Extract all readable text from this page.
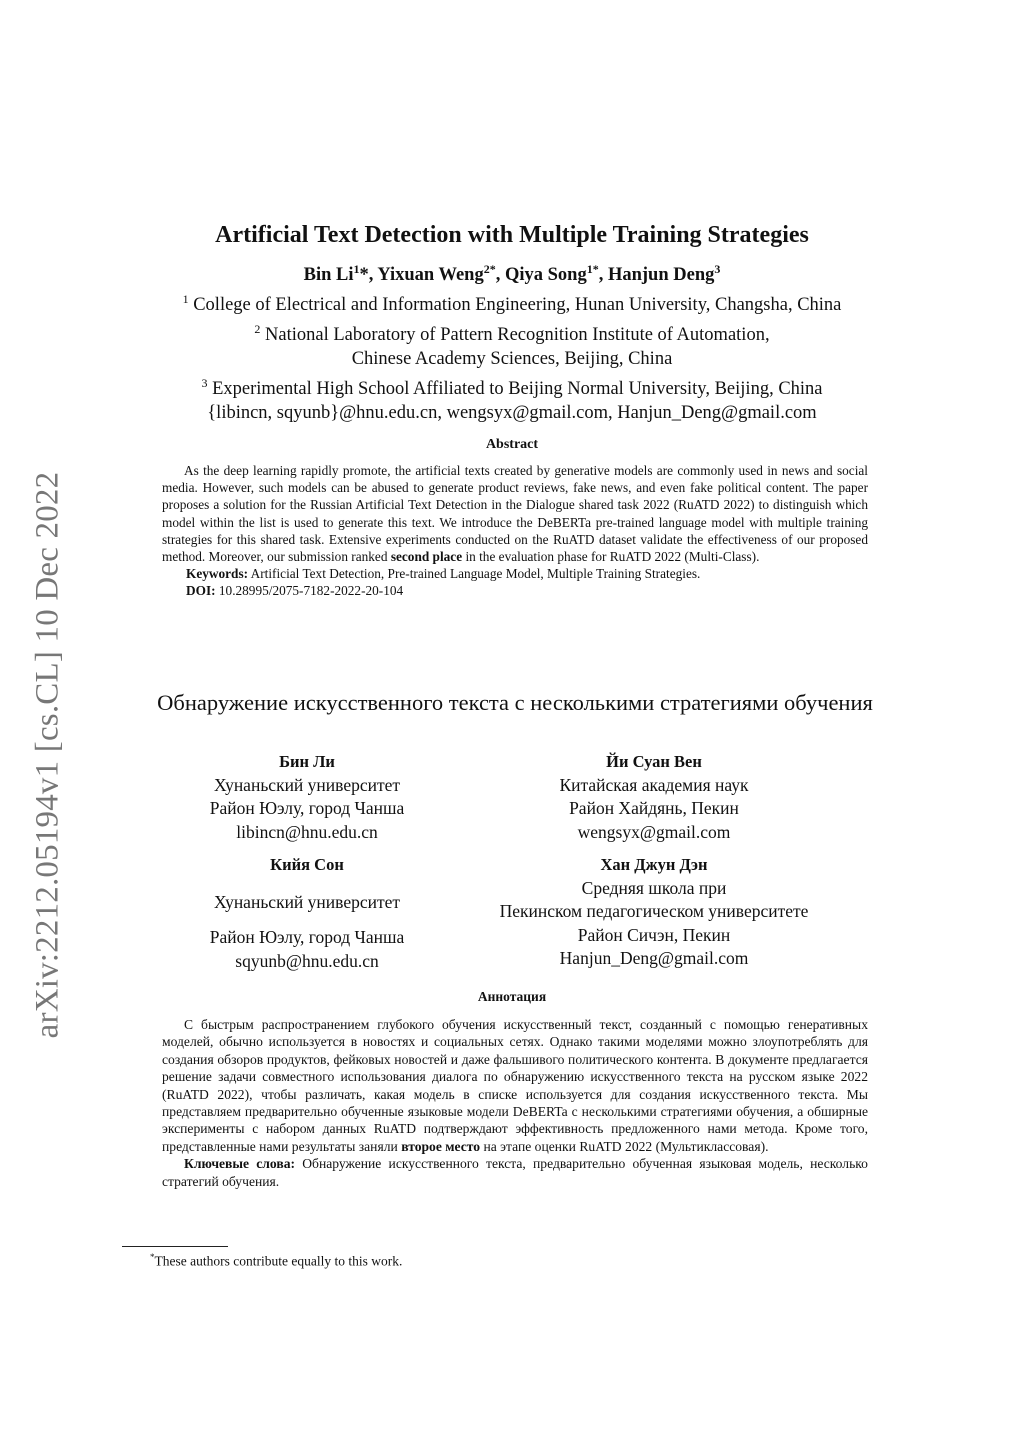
arXiv:2212.05194v1 [cs.CL] 10 Dec 2022
Artificial Text Detection with Multiple Training Strategies
Bin Li$^1$*, Yixuan Weng$^{2*}$, Qiya Song$^{1*}$, Hanjun Deng$^3$
$^1$ College of Electrical and Information Engineering, Hunan University, Changsha, China
$^2$ National Laboratory of Pattern Recognition Institute of Automation,
Chinese Academy Sciences, Beijing, China
$^3$ Experimental High School Affiliated to Beijing Normal University, Beijing, China
{libincn, sqyunb}@hnu.edu.cn, wengsyx@gmail.com, Hanjun_Deng@gmail.com
Abstract

As the deep learning rapidly promote, the artificial texts created by generative models are commonly used in news and social media. However, such models can be abused to generate product reviews, fake news, and even fake political content. The paper proposes a solution for the Russian Artificial Text Detection in the Dialogue shared task 2022 (RuATD 2022) to distinguish which model within the list is used to generate this text. We introduce the DeBERTa pre-trained language model with multiple training strategies for this shared task. Extensive experiments conducted on the RuATD dataset validate the effectiveness of our proposed method. Moreover, our submission ranked second place in the evaluation phase for RuATD 2022 (Multi-Class).

Keywords: Artificial Text Detection, Pre-trained Language Model, Multiple Training Strategies.

DOI: 10.28995/2075-7182-2022-20-104

Обнаружение искусственного текста с несколькими стратегиями обучения
Бин Ли
Хунаньский университет
Район Юэлу, город Чанша
libincn@hnu.edu.cn
Йи Суан Вен
Китайская академия наук
Район Хайдянь, Пекин
wengsyx@gmail.com
Кийя Сон
Хунаньский университет
Район Юэлу, город Чанша
sqyunb@hnu.edu.cn
Хан Джун Дэн
Средняя школа при
Пекинском педагогическом университете
Район Сичэн, Пекин
Hanjun_Deng@gmail.com
Аннотация

С быстрым распространением глубокого обучения искусственный текст, созданный с помощью генеративных моделей, обычно используется в новостях и социальных сетях. Однако такими моделями можно злоупотреблять для создания обзоров продуктов, фейковых новостей и даже фальшивого политического контента. В документе предлагается решение задачи совместного использования диалога по обнаружению искусственного текста на русском языке 2022 (RuATD 2022), чтобы различать, какая модель в списке используется для создания искусственного текста. Мы представляем предварительно обученные языковые модели DeBERTa с несколькими стратегиями обучения, а обширные эксперименты с набором данных RuATD подтверждают эффективность предложенного нами метода. Кроме того, представленные нами результаты заняли второе место на этапе оценки RuATD 2022 (Мультиклассовая).

Ключевые слова: Обнаружение искусственного текста, предварительно обученная языковая модель, несколько стратегий обучения.

*These authors contribute equally to this work.
